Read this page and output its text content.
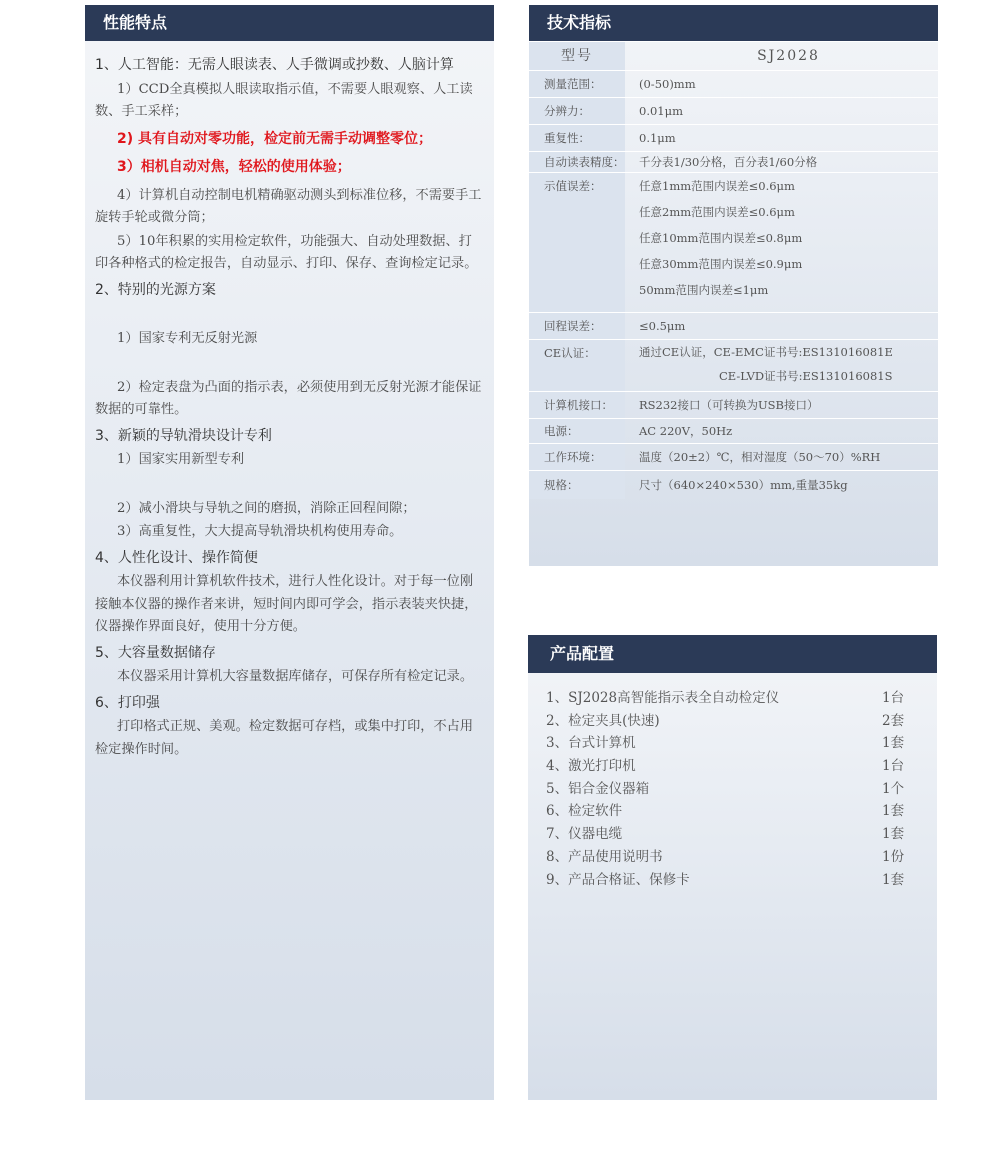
性能特点
1、人工智能：无需人眼读表、人手微调或抄数、人脑计算
1）CCD全真模拟人眼读取指示值，不需要人眼观察、人工读数、手工采样；
2) 具有自动对零功能，检定前无需手动调整零位；
3）相机自动对焦，轻松的使用体验；
4）计算机自动控制电机精确驱动测头到标准位移，不需要手工旋转手轮或微分筒；
5）10年积累的实用检定软件，功能强大、自动处理数据、打印各种格式的检定报告，自动显示、打印、保存、查询检定记录。
2、特别的光源方案
1）国家专利无反射光源
2）检定表盘为凸面的指示表，必须使用到无反射光源才能保证数据的可靠性。
3、新颖的导轨滑块设计专利
1）国家实用新型专利
2）减小滑块与导轨之间的磨损，消除正回程间隙；
3）高重复性，大大提高导轨滑块机构使用寿命。
4、人性化设计、操作简便
本仪器利用计算机软件技术，进行人性化设计。对于每一位刚接触本仪器的操作者来讲，短时间内即可学会，指示表装夹快捷，仪器操作界面良好，使用十分方便。
5、大容量数据储存
本仪器采用计算机大容量数据库储存，可保存所有检定记录。
6、打印强
打印格式正规、美观。检定数据可存档，或集中打印，不占用检定操作时间。
技术指标
型号	SJ2028
测量范围：	(0-50)mm

分辨力：	0.01μm

重复性：	0.1μm

自动读表精度：	千分表1/30分格，百分表1/60分格

示值误差：	任意1mm范围内误差≤0.6μm
任意2mm范围内误差≤0.6μm
任意10mm范围内误差≤0.8μm
任意30mm范围内误差≤0.9μm
50mm范围内误差≤1μm

回程误差：	≤0.5μm

CE认证：	通过CE认证，CE-EMC证书号:ES131016081E
CE-LVD证书号:ES131016081S

计算机接口：	RS232接口（可转换为USB接口）

电源：	AC 220V，50Hz

工作环境：	温度（20±2）℃，相对湿度（50～70）%RH

规格：	尺寸（640×240×530）mm,重量35kg
产品配置
1、SJ2028高智能指示表全自动检定仪	1台
2、检定夹具(快速)	2套
3、台式计算机	1套
4、激光打印机	1台
5、铝合金仪器箱	1个
6、检定软件	1套
7、仪器电缆	1套
8、产品使用说明书	1份
9、产品合格证、保修卡	1套
